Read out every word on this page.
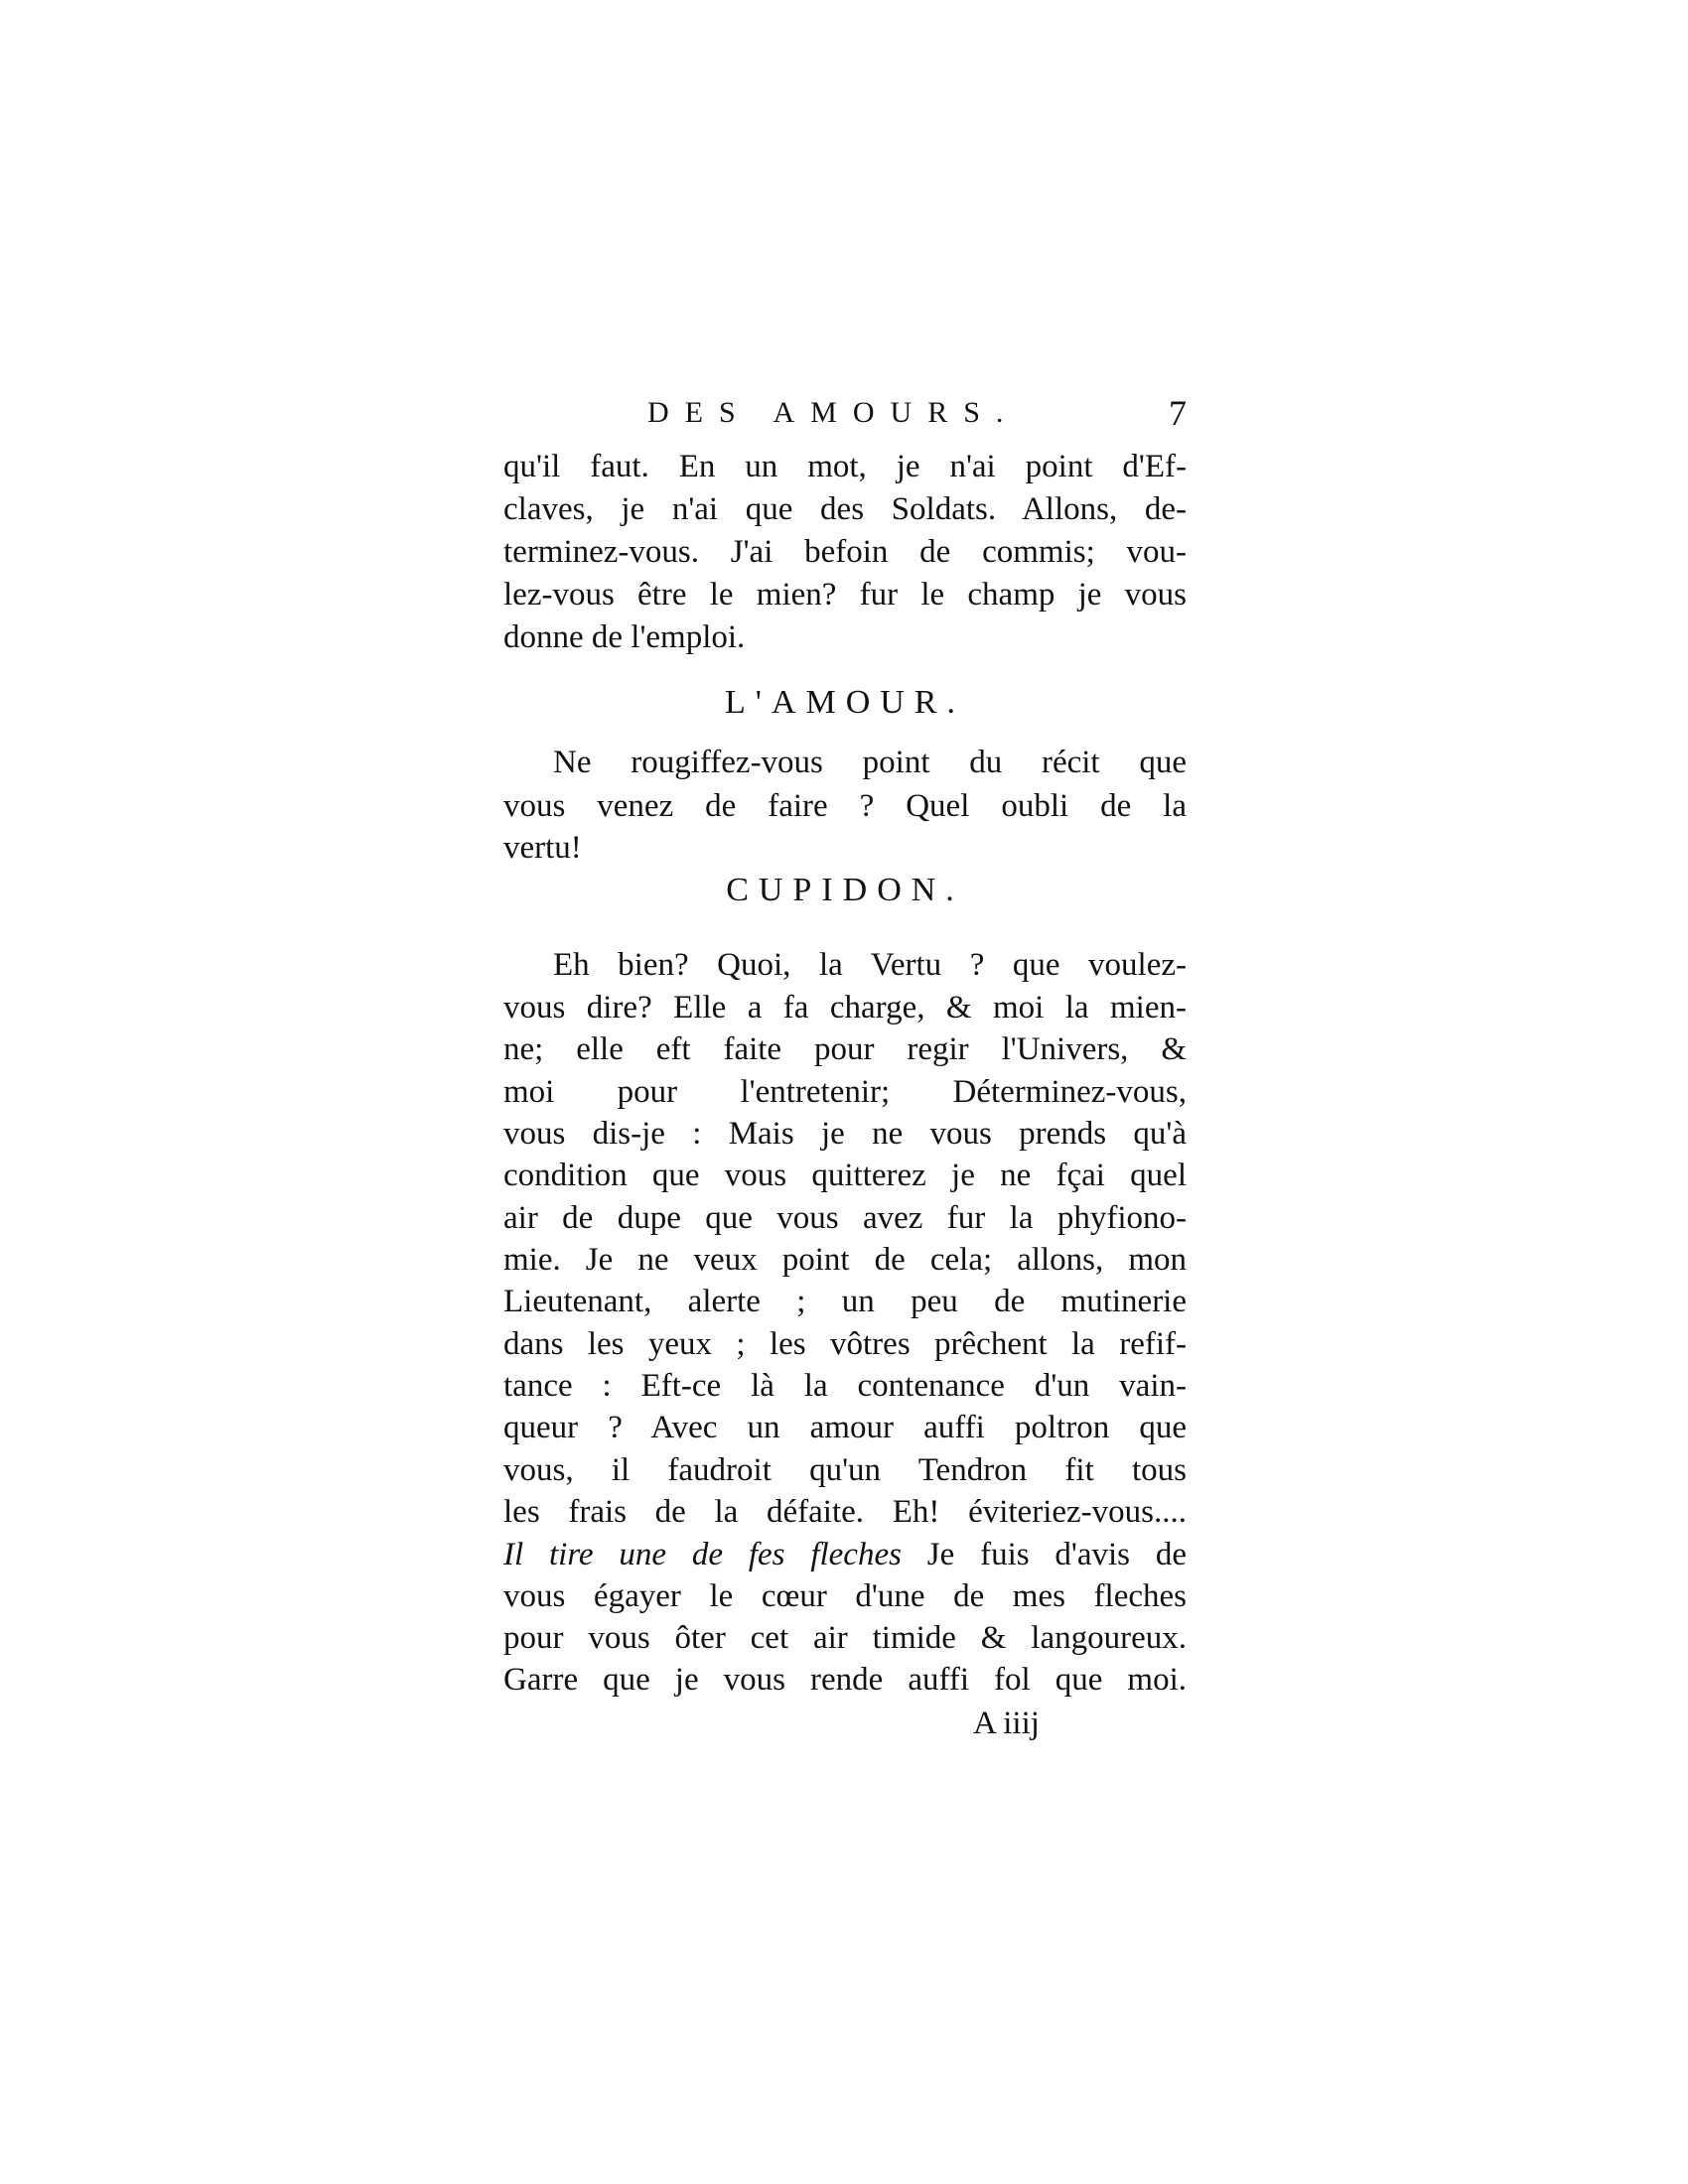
DES AMOURS.	7
qu'il faut. En un mot, je n'ai point d'Ef-
claves, je n'ai que des Soldats. Allons, de-
terminez-vous. J'ai befoin de commis; vou-
lez-vous être le mien? fur le champ je vous
donne de l'emploi.
L'AMOUR.
Ne rougiffez-vous point du récit que
vous venez de faire ? Quel oubli de la
vertu!
CUPIDON.
Eh bien? Quoi, la Vertu ? que voulez-
vous dire? Elle a fa charge, & moi la mien-
ne; elle eft faite pour regir l'Univers, &
moi pour l'entretenir; Déterminez-vous,
vous dis-je : Mais je ne vous prends qu'à
condition que vous quitterez je ne fçai quel
air de dupe que vous avez fur la phyfiono-
mie. Je ne veux point de cela; allons, mon
Lieutenant, alerte ; un peu de mutinerie
dans les yeux ; les vôtres prêchent la refif-
tance : Eft-ce là la contenance d'un vain-
queur ? Avec un amour auffi poltron que
vous, il faudroit qu'un Tendron fit tous
les frais de la défaite. Eh! éviteriez-vous....
Il tire une de fes fleches Je fuis d'avis de
vous égayer le cœur d'une de mes fleches
pour vous ôter cet air timide & langoureux.
Garre que je vous rende auffi fol que moi.
A iiij
